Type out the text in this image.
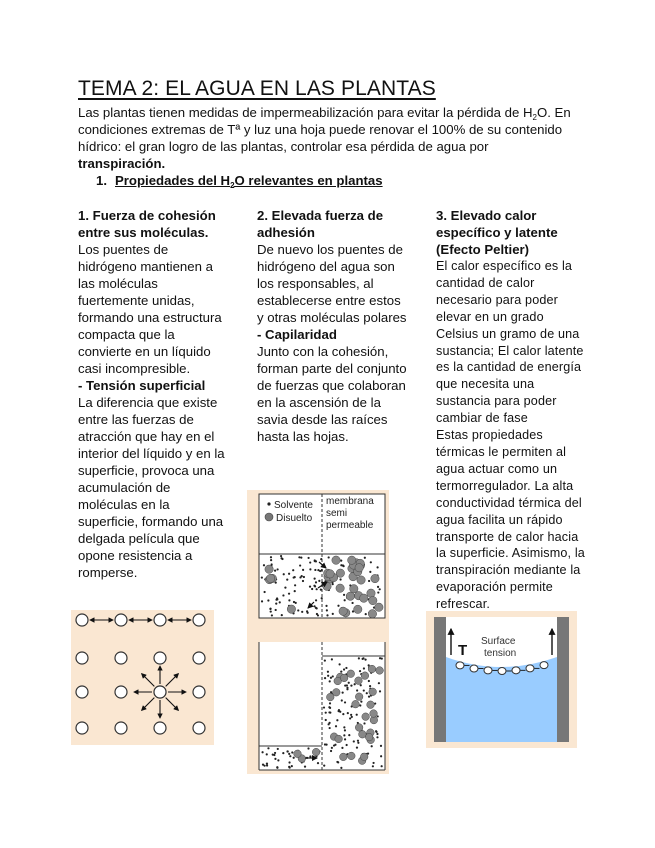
TEMA 2: EL AGUA EN LAS PLANTAS

Las plantas tienen medidas de impermeabilización para evitar la pérdida de $H_2O$. En condiciones extremas de Tª y luz una hoja puede renovar el 100% de su contenido hídrico: el gran logro de las plantas, controlar esa pérdida de agua por transpiración.

1. Propiedades del $H_2O$ relevantes en plantas

1. Fuerza de cohesión entre sus moléculas.

Los puentes de hidrógeno mantienen a las moléculas fuertemente unidas, formando una estructura compacta que la convierte en un líquido casi incompresible.

- Tensión superficial

La diferencia que existe entre las fuerzas de atracción que hay en el interior del líquido y en la superficie, provoca una acumulación de moléculas en la superficie, formando una delgada película que opone resistencia a romperse.

2. Elevada fuerza de adhesión

De nuevo los puentes de hidrógeno del agua son los responsables, al establecerse entre estos y otras moléculas polares

- Capilaridad

Junto con la cohesión, forman parte del conjunto de fuerzas que colaboran en la ascensión de la savia desde las raíces hasta las hojas.

3. Elevado calor específico y latente (Efecto Peltier)

El calor específico es la cantidad de calor necesario para poder elevar en un grado Celsius un gramo de una sustancia; El calor latente es la cantidad de energía que necesita una sustancia para poder cambiar de fase

Estas propiedades térmicas le permiten al agua actuar como un termorregulador. La alta conductividad térmica del agua facilita un rápido transporte de calor hacia la superficie. Asimismo, la transpiración mediante la evaporación permite refrescar.

Solvente
Disuelto
membrana
semi
permeable
T
Surface
tension
